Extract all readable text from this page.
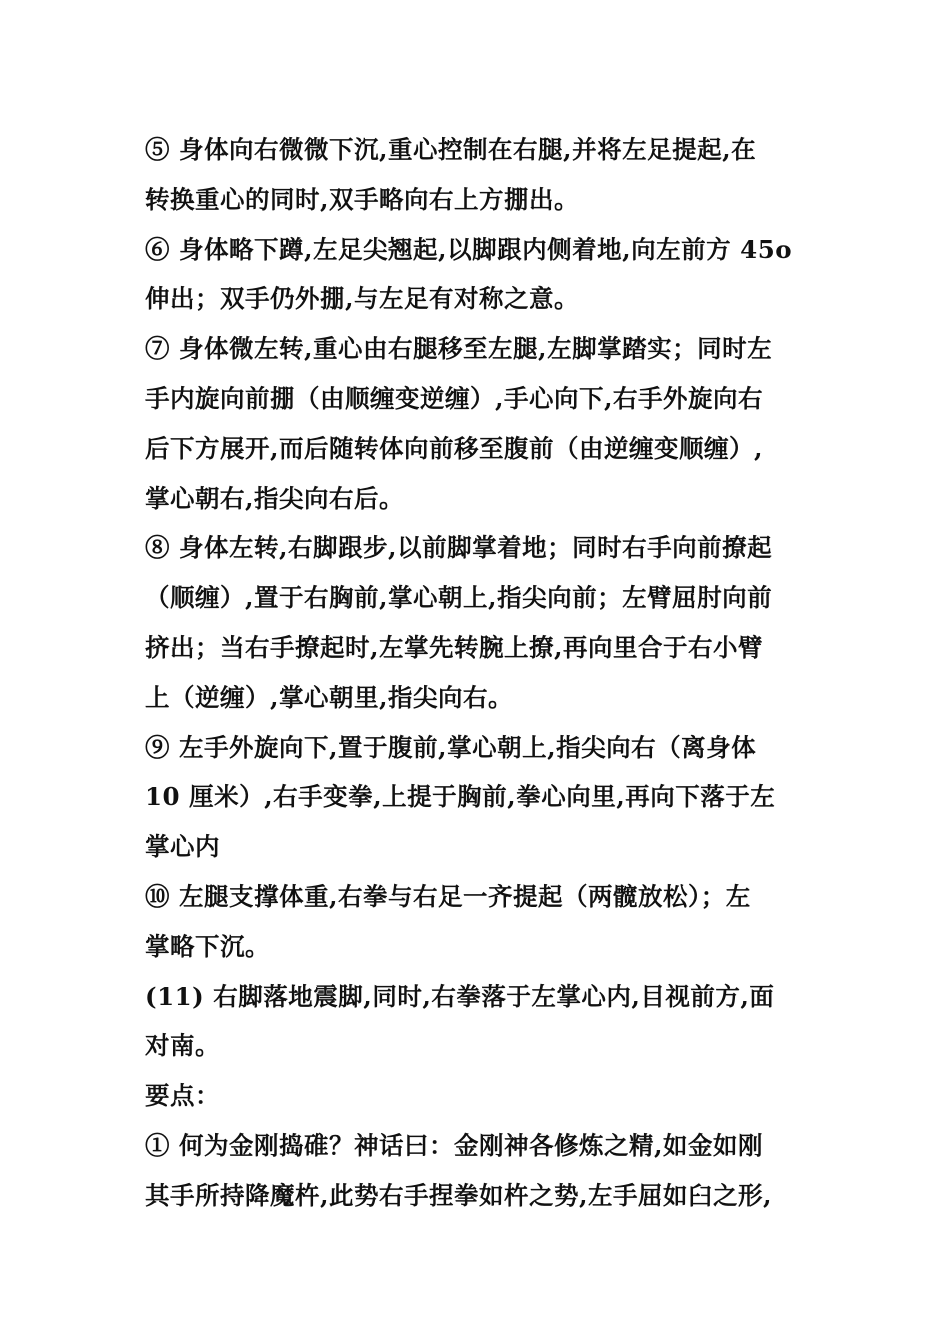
⑤ 身体向右微微下沉,重心控制在右腿,并将左足提起,在
转换重心的同时,双手略向右上方掤出。
⑥ 身体略下蹲,左足尖翘起,以脚跟内侧着地,向左前方 45o
伸出；双手仍外掤,与左足有对称之意。
⑦ 身体微左转,重心由右腿移至左腿,左脚掌踏实；同时左
手内旋向前掤（由顺缠变逆缠）,手心向下,右手外旋向右
后下方展开,而后随转体向前移至腹前（由逆缠变顺缠）,
掌心朝右,指尖向右后。
⑧ 身体左转,右脚跟步,以前脚掌着地；同时右手向前撩起
（顺缠）,置于右胸前,掌心朝上,指尖向前；左臂屈肘向前
挤出；当右手撩起时,左掌先转腕上撩,再向里合于右小臂
上（逆缠）,掌心朝里,指尖向右。
⑨ 左手外旋向下,置于腹前,掌心朝上,指尖向右（离身体
10 厘米）,右手变拳,上提于胸前,拳心向里,再向下落于左
掌心内
⑩ 左腿支撑体重,右拳与右足一齐提起（两髋放松）；左
掌略下沉。
(11) 右脚落地震脚,同时,右拳落于左掌心内,目视前方,面
对南。
要点：
① 何为金刚捣碓？神话曰：金刚神各修炼之精,如金如刚
其手所持降魔杵,此势右手捏拳如杵之势,左手屈如臼之形,
